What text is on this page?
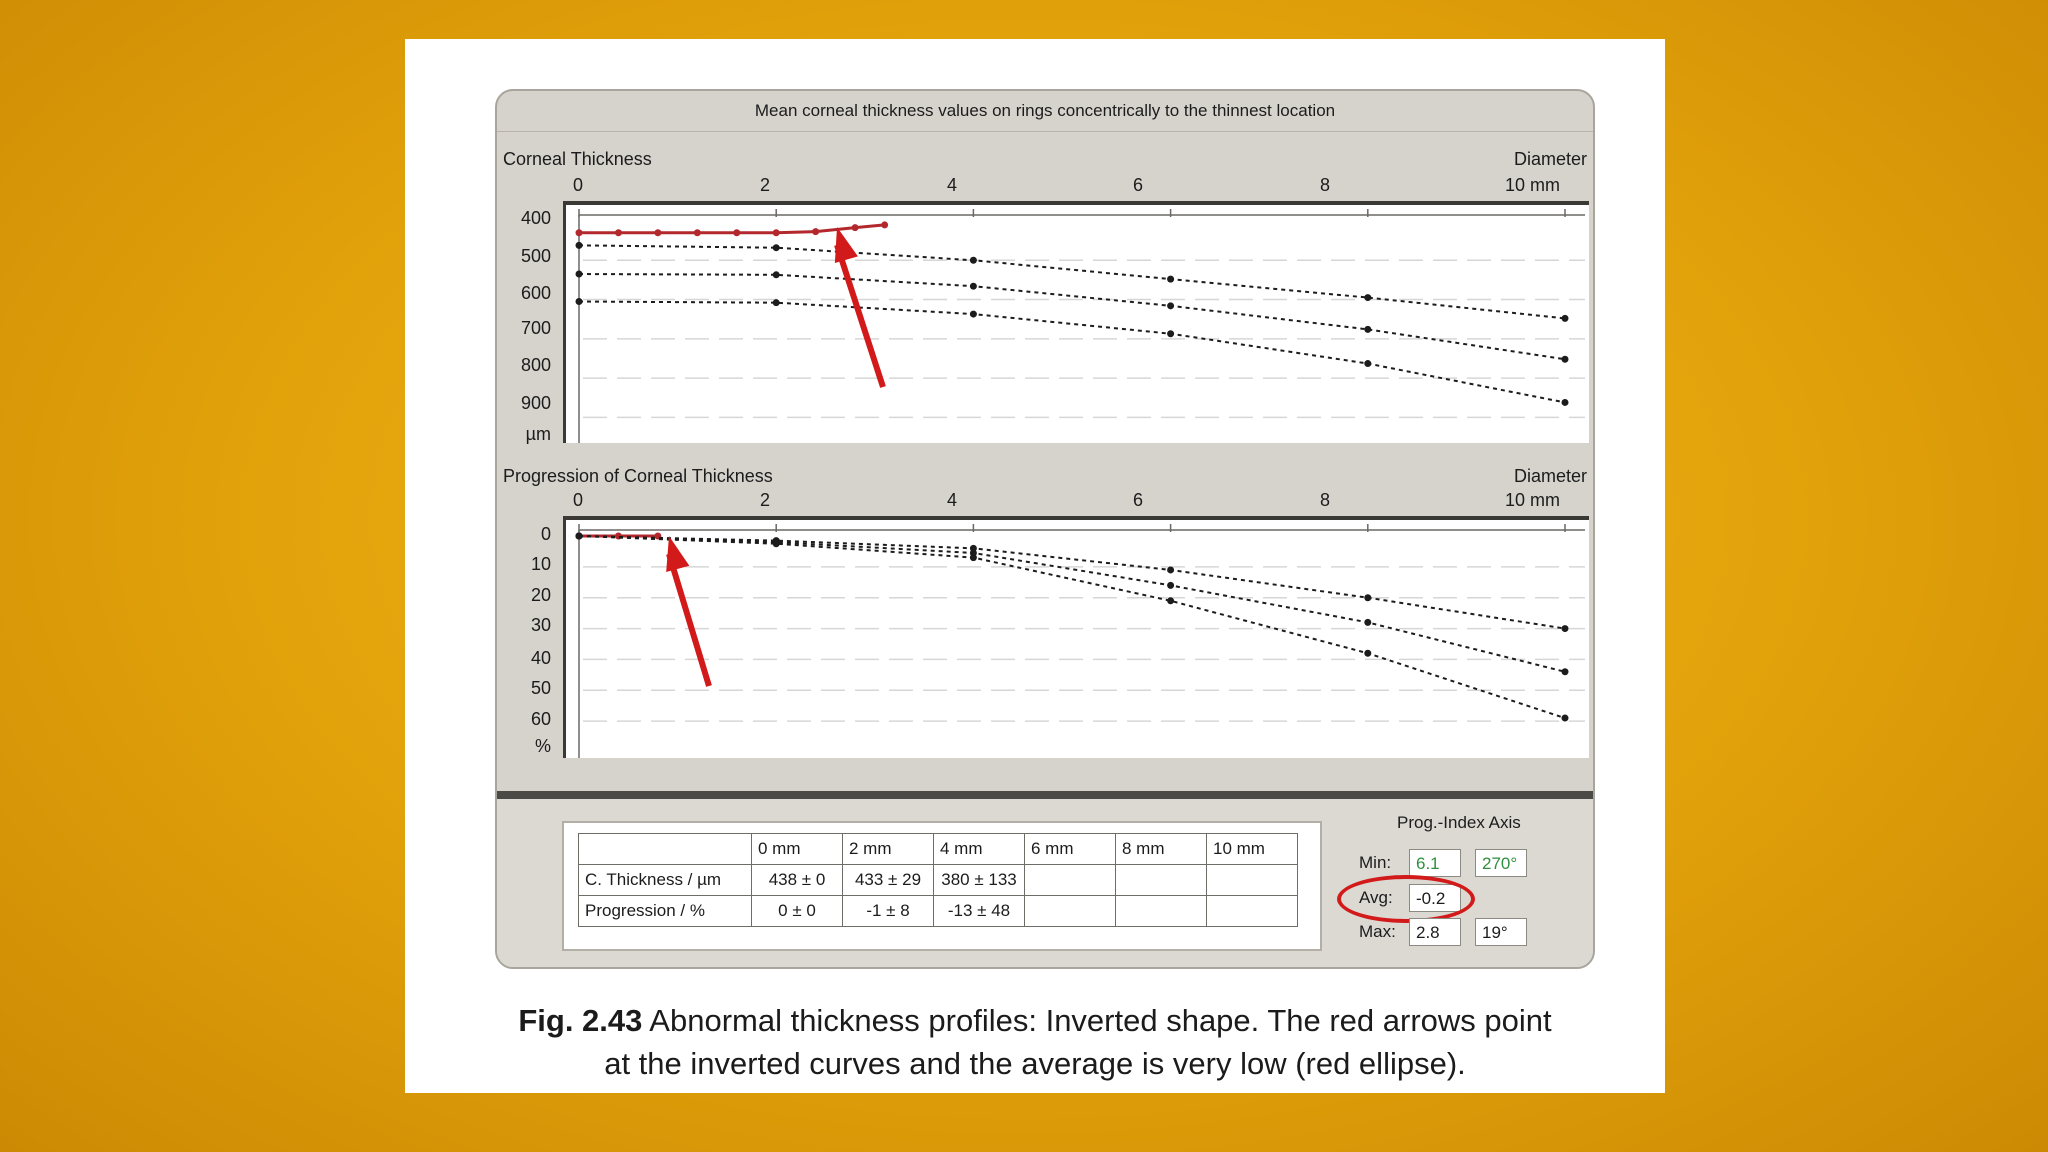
Mean corneal thickness values on rings concentrically to the thinnest location
Corneal Thickness	Diameter
0	2	4	6	8	10 mm
400
500
600
700
800
900
µm
Progression of Corneal Thickness	Diameter
0	2	4	6	8	10 mm
0
10
20
30
40
50
60
%
	0 mm	2 mm	4 mm	6 mm	8 mm	10 mm
C. Thickness / µm	438 ± 0	433 ± 29	380 ± 133			
Progression / %	0 ± 0	-1 ± 8	-13 ± 48			
Prog.-Index Axis
Min:	6.1	270°
Avg:	-0.2
Max:	2.8	19°
Fig. 2.43 Abnormal thickness profiles: Inverted shape. The red arrows point
at the inverted curves and the average is very low (red ellipse).
